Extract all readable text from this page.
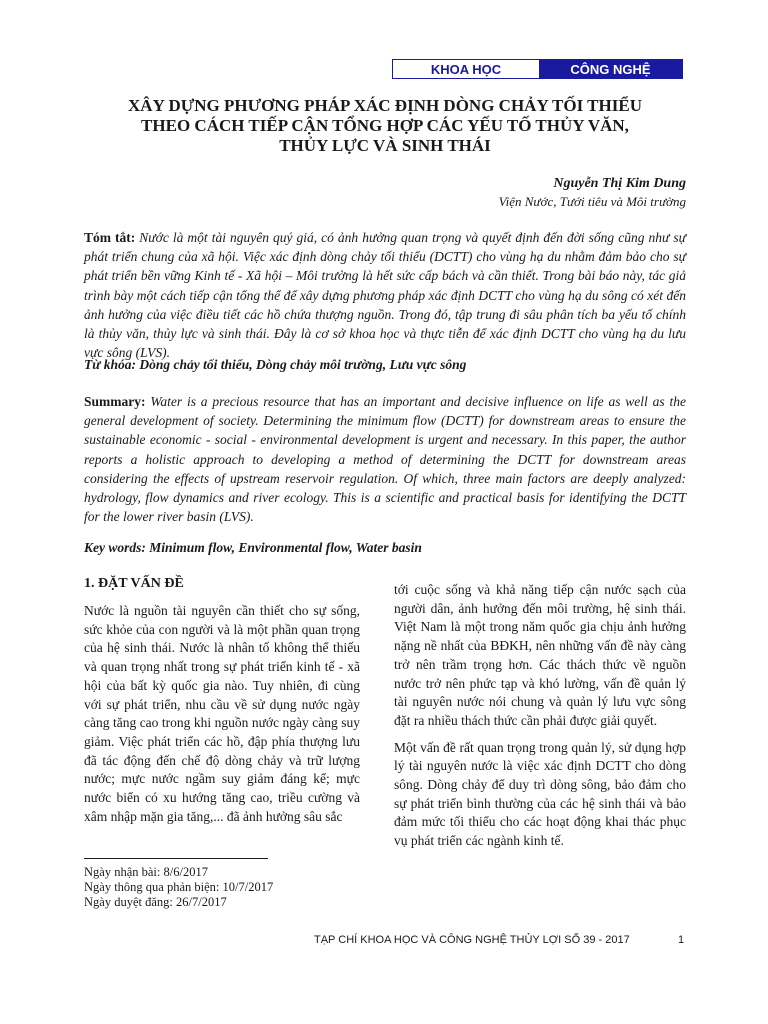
KHOA HỌC	CÔNG NGHỆ
XÂY DỰNG PHƯƠNG PHÁP XÁC ĐỊNH DÒNG CHẢY TỐI THIỂU
THEO CÁCH TIẾP CẬN TỔNG HỢP CÁC YẾU TỐ THỦY VĂN,
THỦY LỰC VÀ SINH THÁI
Nguyễn Thị Kim Dung
Viện Nước, Tưới tiêu và Môi trường
Tóm tắt: Nước là một tài nguyên quý giá, có ảnh hưởng quan trọng và quyết định đến đời sống cũng như sự phát triển chung của xã hội. Việc xác định dòng chảy tối thiểu (DCTT) cho vùng hạ du nhằm đảm bảo cho sự phát triển bền vững Kinh tế - Xã hội – Môi trường là hết sức cấp bách và cần thiết. Trong bài báo này, tác giả trình bày một cách tiếp cận tổng thể để xây dựng phương pháp xác định DCTT cho vùng hạ du sông có xét đến ảnh hưởng của việc điều tiết các hồ chứa thượng nguồn. Trong đó, tập trung đi sâu phân tích ba yếu tố chính là thủy văn, thủy lực và sinh thái. Đây là cơ sở khoa học và thực tiễn để xác định DCTT cho vùng hạ du lưu vực sông (LVS).
Từ khóa: Dòng chảy tối thiểu, Dòng chảy môi trường, Lưu vực sông
Summary: Water is a precious resource that has an important and decisive influence on life as well as the general development of society. Determining the minimum flow (DCTT) for downstream areas to ensure the sustainable economic - social - environmental development is urgent and necessary. In this paper, the author reports a holistic approach to developing a method of determining the DCTT for downstream areas considering the effects of upstream reservoir regulation. Of which, three main factors are deeply analyzed: hydrology, flow dynamics and river ecology. This is a scientific and practical basis for identifying the DCTT for the lower river basin (LVS).
Key words: Minimum flow, Environmental flow, Water basin
1. ĐẶT VẤN ĐỀ

Nước là nguồn tài nguyên cần thiết cho sự sống, sức khỏe của con người và là một phần quan trọng của hệ sinh thái. Nước là nhân tố không thể thiếu và quan trọng nhất trong sự phát triển kinh tế - xã hội của bất kỳ quốc gia nào. Tuy nhiên, đi cùng với sự phát triển, nhu cầu về sử dụng nước ngày càng tăng cao trong khi nguồn nước ngày càng suy giảm. Việc phát triển các hồ, đập phía thượng lưu đã tác động đến chế độ dòng chảy và trữ lượng nước; mực nước ngầm suy giảm đáng kể; mực nước biển có xu hướng tăng cao, triều cường và xâm nhập mặn gia tăng,... đã ảnh hưởng sâu sắc

tới cuộc sống và khả năng tiếp cận nước sạch của người dân, ảnh hưởng đến môi trường, hệ sinh thái. Việt Nam là một trong năm quốc gia chịu ảnh hưởng nặng nề nhất của BĐKH, nên những vấn đề này càng trở nên trầm trọng hơn. Các thách thức về nguồn nước trở nên phức tạp và khó lường, vấn đề quản lý tài nguyên nước nói chung và quản lý lưu vực sông đặt ra nhiều thách thức cần phải được giải quyết.

Một vấn đề rất quan trọng trong quản lý, sử dụng hợp lý tài nguyên nước là việc xác định DCTT cho dòng sông. Dòng chảy để duy trì dòng sông, bảo đảm cho sự phát triển bình thường của các hệ sinh thái và bảo đảm mức tối thiểu cho các hoạt động khai thác phục vụ phát triển các ngành kinh tế.

Ngày nhận bài: 8/6/2017
Ngày thông qua phản biện: 10/7/2017
Ngày duyệt đăng: 26/7/2017
TẠP CHÍ KHOA HỌC VÀ CÔNG NGHỆ THỦY LỢI SỐ 39 - 2017	1
